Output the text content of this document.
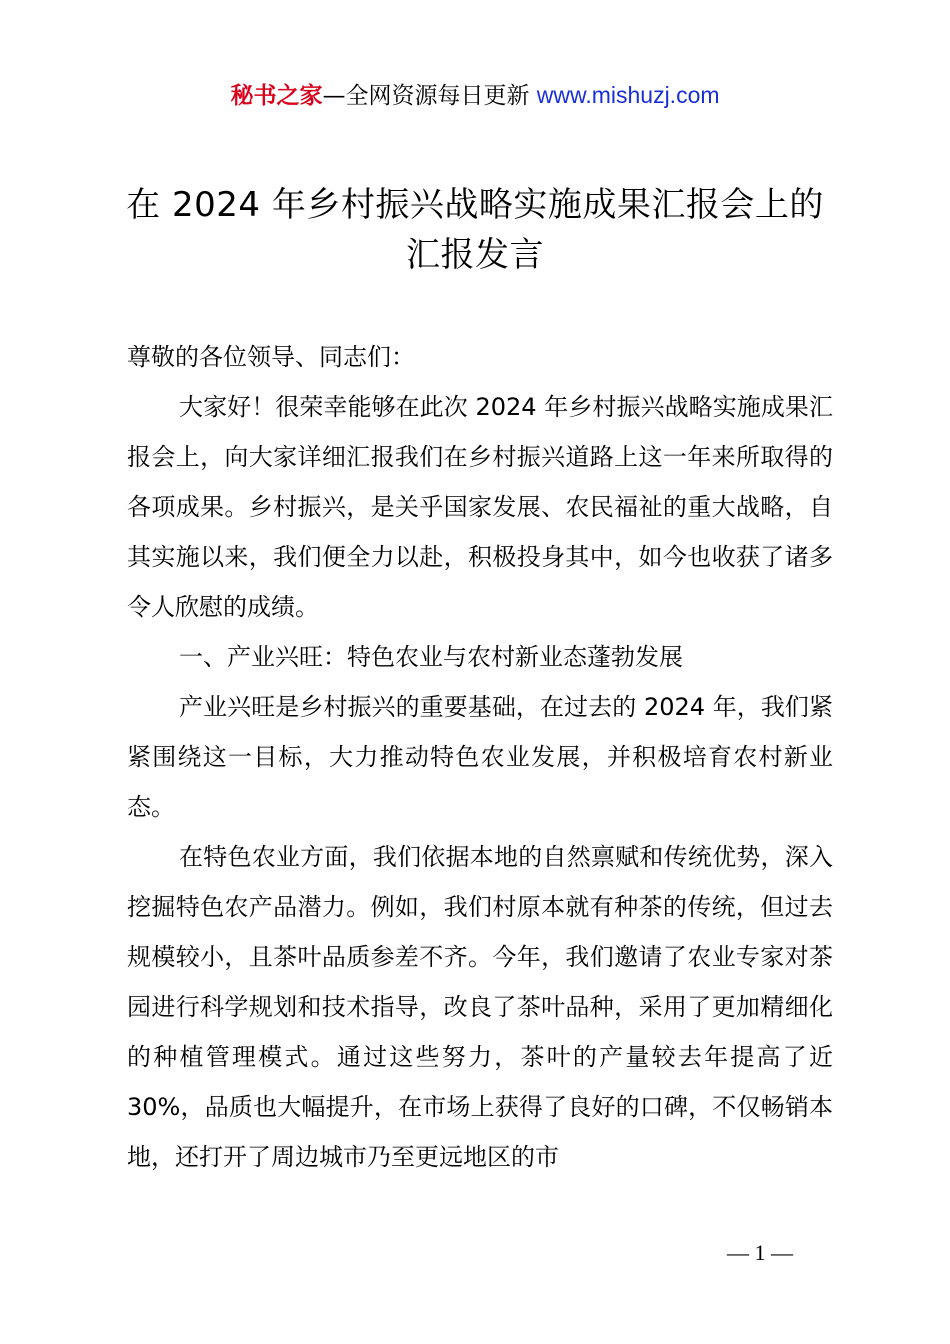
秘书之家—全网资源每日更新 www.mishuzj.com
在 2024 年乡村振兴战略实施成果汇报会上的
汇报发言

尊敬的各位领导、同志们：

大家好！很荣幸能够在此次 2024 年乡村振兴战略实施成果汇报会上，向大家详细汇报我们在乡村振兴道路上这一年来所取得的各项成果。乡村振兴，是关乎国家发展、农民福祉的重大战略，自其实施以来，我们便全力以赴，积极投身其中，如今也收获了诸多令人欣慰的成绩。

一、产业兴旺：特色农业与农村新业态蓬勃发展

产业兴旺是乡村振兴的重要基础，在过去的 2024 年，我们紧紧围绕这一目标，大力推动特色农业发展，并积极培育农村新业态。

在特色农业方面，我们依据本地的自然禀赋和传统优势，深入挖掘特色农产品潜力。例如，我们村原本就有种茶的传统，但过去规模较小，且茶叶品质参差不齐。今年，我们邀请了农业专家对茶园进行科学规划和技术指导，改良了茶叶品种，采用了更加精细化的种植管理模式。通过这些努力，茶叶的产量较去年提高了近 30%，品质也大幅提升，在市场上获得了良好的口碑，不仅畅销本地，还打开了周边城市乃至更远地区的市

— 1 —
